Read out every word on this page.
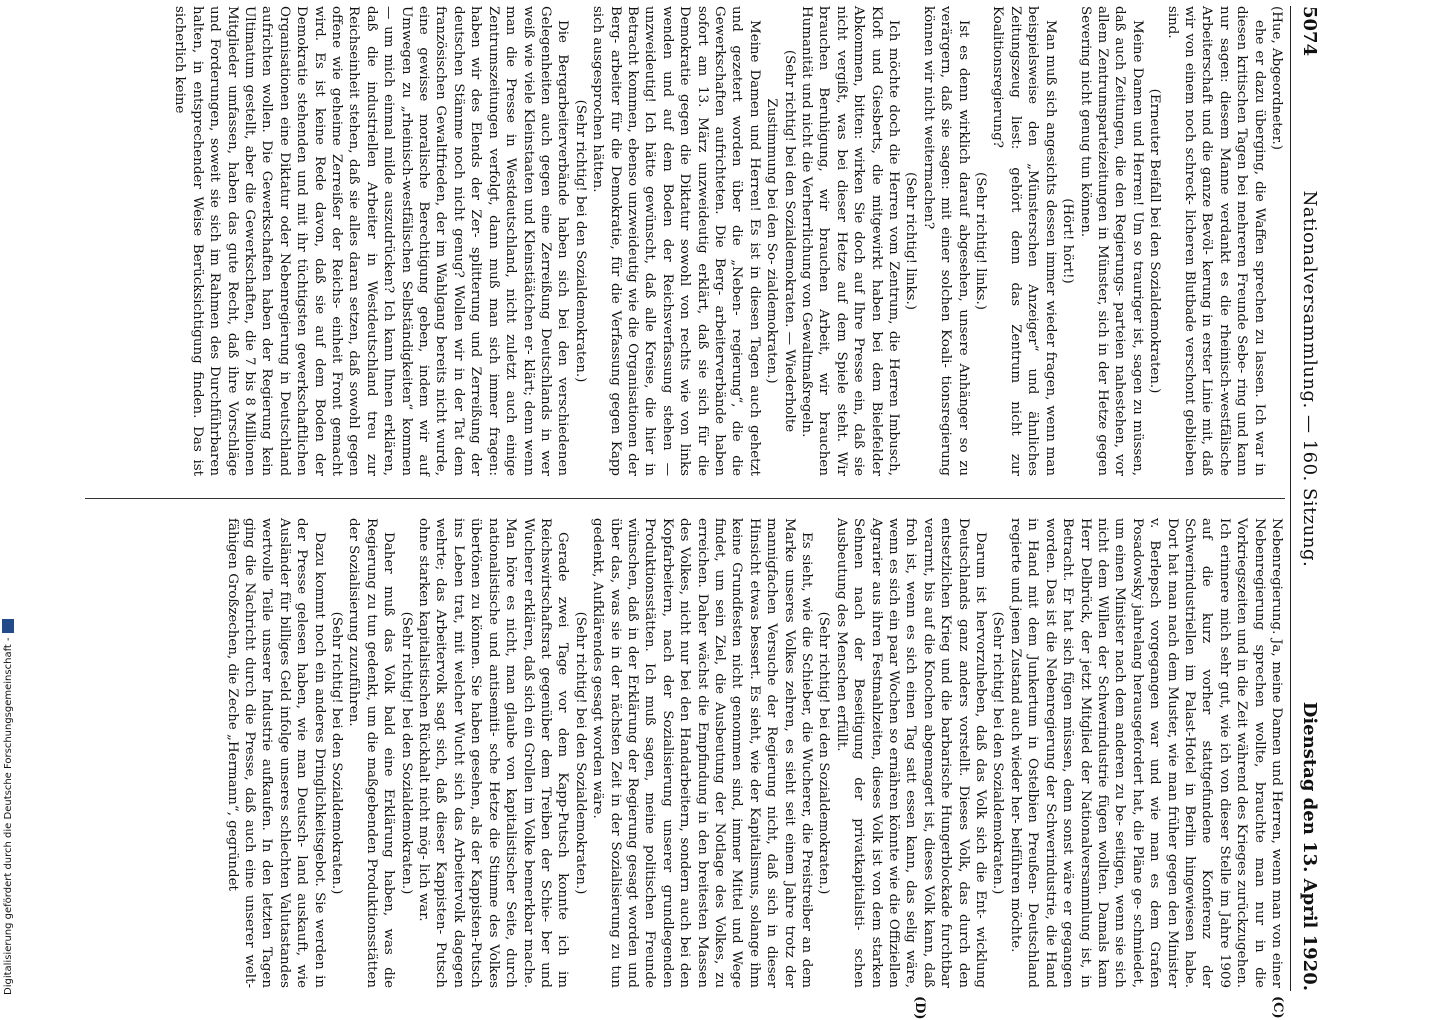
5074
Nationalversammlung. — 160. Sitzung.
Dienstag den 13. April 1920.
(C)
(D)

(Hue, Abgeordneter.)

ehe er dazu überging, die Waffen sprechen zu lassen. Ich war in diesen kritischen Tagen bei mehreren Freunde Sebe- ring und kann nur sagen: diesem Manne verdankt es die rheinisch-westfälische Arbeiterschaft und die ganze Bevöl- kerung in erster Linie mit, daß wir von einem noch schreck- licheren Blutbade verschont geblieben sind.

(Erneuter Beifall bei den Sozialdemokraten.)

Meine Damen und Herren! Um so trauriger ist, sagen zu müssen, daß auch Zeitungen, die den Regierungs- parteien nahestehen, vor allem Zentrumsparteizeitungen in Münster, sich in der Hetze gegen Severing nicht genug tun können.

(Hört! hört!)

Man muß sich angesichts dessen immer wieder fragen, wenn man beispielsweise den „Münsterschen Anzeiger“ und ähnliches Zeitungszeug liest: gehört denn das Zentrum nicht zur Koalitionsregierung?

(Sehr richtig! links.)

Ist es denn wirklich darauf abgesehen, unsere Anhänger so zu verärgern, daß sie sagen: mit einer solchen Koali- tionsregierung können wir nicht weitermachen?

(Sehr richtig! links.)

Ich möchte doch die Herren vom Zentrum, die Herren Imbusch, Kloft und Giesberts, die mitgewirkt haben bei dem Bielefelder Abkommen, bitten: wirken Sie doch auf Ihre Presse ein, daß sie nicht vergißt, was bei dieser Hetze auf dem Spiele steht. Wir brauchen Beruhigung, wir brauchen Arbeit, wir brauchen Humanität und nicht die Verherrlichung von Gewaltmaßregeln.

(Sehr richtig! bei den Sozialdemokraten. — Wiederholte Zustimmung bei den So- zialdemokraten.)

Meine Damen und Herren! Es ist in diesen Tagen auch gehetzt und gezetert worden über die „Neben- regierung“, die die Gewerkschaften aufrichteten. Die Berg- arbeiterverbände haben sofort am 13. März unzweideutig erklärt, daß sie sich für die Demokratie gegen die Diktatur sowohl von rechts wie von links wenden und auf dem Boden der Reichsverfassung stehen — unzweideutig! Ich hätte gewünscht, daß alle Kreise, die hier in Betracht kommen, ebenso unzweideutig wie die Organisationen der Berg- arbeiter für die Demokratie, für die Verfassung gegen Kapp sich ausgesprochen hätten.

(Sehr richtig! bei den Sozialdemokraten.)

Die Bergarbeiterverbände haben sich bei den verschiedenen Gelegenheiten auch gegen eine Zerreißung Deutschlands in wer weiß wie viele Kleinstaaten und Kleinstäätchen er- klärt; denn wenn man die Presse in Westdeutschland, nicht zuletzt auch einige Zentrumszeitungen verfolgt, dann muß man sich immer fragen: haben wir des Elends der Zer- splitterung und Zerreißung der deutschen Stämme noch nicht genug? Wollen wir in der Tat dem französischen Gewaltfrieden, der im Wahlgang bereits nicht wurde, eine gewisse moralische Berechtigung geben, indem wir auf Umwegen zu „rheinisch-westfälischen Selbständigkeiten“ kommen — um mich einmal milde auszudrücken? Ich kann Ihnen erklären, daß die industriellen Arbeiter in Westdeutschland treu zur Reichseinheit stehen, daß sie alles daran setzen, daß sowohl gegen offene wie geheime Zerreißer der Reichs- einheit Front gemacht wird. Es ist keine Rede davon, daß sie auf dem Boden der Demokratie stehenden und mit ihr tüchtigsten gewerkschaftlichen Organisationen eine Diktatur oder Nebenregierung in Deutschland aufrichten wollen. Die Gewerkschaften haben der Regierung kein Ultimatum gestellt, aber die Gewerkschaften, die 7 bis 8 Millionen Mitglieder umfassen, haben das gute Recht, daß ihre Vorschläge und Forderungen, soweit sie sich im Rahmen des Durchführbaren halten, in entsprechender Weise Berücksichtigung finden. Das ist sicherlich keine

Nebenregierung. Ja, meine Damen und Herren, wenn man von einer Nebenregierung sprechen wollte, brauchte man nur in die Vorkriegszeiten und in die Zeit während des Krieges zurückzugehen. Ich erinnere mich sehr gut, wie ich von dieser Stelle im Jahre 1909 auf die kurz vorher stattgefundene Konferenz der Schwerindustriellen im Palast-Hotel in Berlin hingewiesen habe. Dort hat man nach dem Muster, wie man früher gegen den Minister v. Berlepsch vorgegangen war und wie man es dem Grafen Posadowsky jahrelang herausgefordert hat, die Pläne ge- schmiedet, um einen Minister nach dem anderen zu be- seitigen, wenn sie sich nicht dem Willen der Schwerindustrie fügen wollten. Damals kam Herr Delbrück, der jetzt Mitglied der Nationalversammlung ist, in Betracht. Er hat sich fügen müssen, denn sonst wäre er gegangen worden. Das ist die Nebenregierung der Schwerindustrie, die Hand in Hand mit dem Junkertum in Ostelbien Preußen- Deutschland regierte und jenen Zustand auch wieder her- beiführen möchte.

(Sehr richtig! bei den Sozialdemokraten.)

Darum ist hervorzuheben, daß das Volk sich die Ent- wicklung Deutschlands ganz anders vorstellt. Dieses Volk, das durch den entsetzlichen Krieg und die barbarische Hungerblockade furchtbar verarmt, bis auf die Knochen abgemagert ist, dieses Volk kann, daß froh ist, wenn es sich einen Tag satt essen kann, das selig wäre, wenn es sich ein paar Wochen so ernähren könnte wie die Offiziellen Agrarier aus ihren Festmahlzeiten, dieses Volk ist von dem starken Sehnen nach der Beseitigung der privatkapitalisti- schen Ausbeutung des Menschen erfüllt.

(Sehr richtig! bei den Sozialdemokraten.)

Es sieht, wie die Schieber, die Wucherer, die Preistreiber an dem Marke unseres Volkes zehren, es sieht seit einem Jahre trotz der mannigfachen Versuche der Regierung nicht, daß sich in dieser Hinsicht etwas bessert. Es sieht, wie der Kapitalismus, solange ihm keine Grundfesten nicht genommen sind, immer Mittel und Wege findet, um sein Ziel, die Ausbeutung der Notlage des Volkes, zu erreichen. Daher wächst die Empfindung in den breitesten Massen des Volkes, nicht nur bei den Handarbeitern, sondern auch bei den Kopfarbeitern, nach der Sozialisierung unserer grundlegenden Produktionsstätten. Ich muß sagen, meine politischen Freunde wünschen, daß in der Erklärung der Regierung gesagt worden und über das, was sie in der nächsten Zeit in der Sozialisierung zu tun gedenkt, Aufklärendes gesagt worden wäre.

(Sehr richtig! bei den Sozialdemokraten.)

Gerade zwei Tage vor dem Kapp-Putsch konnte ich im Reichswirtschaftsrat gegenüber dem Treiben der Schie- ber und Wucherer erklären, daß sich ein Grollen im Volke bemerkbar mache. Man höre es nicht, man glaube von kapitalistischer Seite, durch nationalistische und antisemiti- sche Hetze die Stimme des Volkes übertönen zu können. Sie haben gesehen, als der Kappisten-Putsch ins Leben trat, mit welcher Wucht sich das Arbeitervolk dagegen wehrte; das Arbeitervolk sagt sich, daß dieser Kappisten- Putsch ohne starken kapitalistischen Rückhalt nicht mög- lich war.

(Sehr richtig! bei den Sozialdemokraten.)

Daher muß das Volk bald eine Erklärung haben, was die Regierung zu tun gedenkt, um die maßgebenden Produktionsstätten der Sozialisierung zuzuführen.

(Sehr richtig! bei den Sozialdemokraten.)

Dazu kommt noch ein anderes Dringlichkeitsgebot. Sie werden in der Presse gelesen haben, wie man Deutsch- land auskauft, wie Ausländer für billiges Geld infolge unseres schlechten Valutastandes wertvolle Teile unserer Industrie aufkaufen. In den letzten Tagen ging die Nachricht durch die Presse, daß auch eine unserer welt- fähigen Großzechen, die Zeche „Hermann“, gegründet

Digitalisierung gefördert durch die Deutsche Forschungsgemeinschaft -
